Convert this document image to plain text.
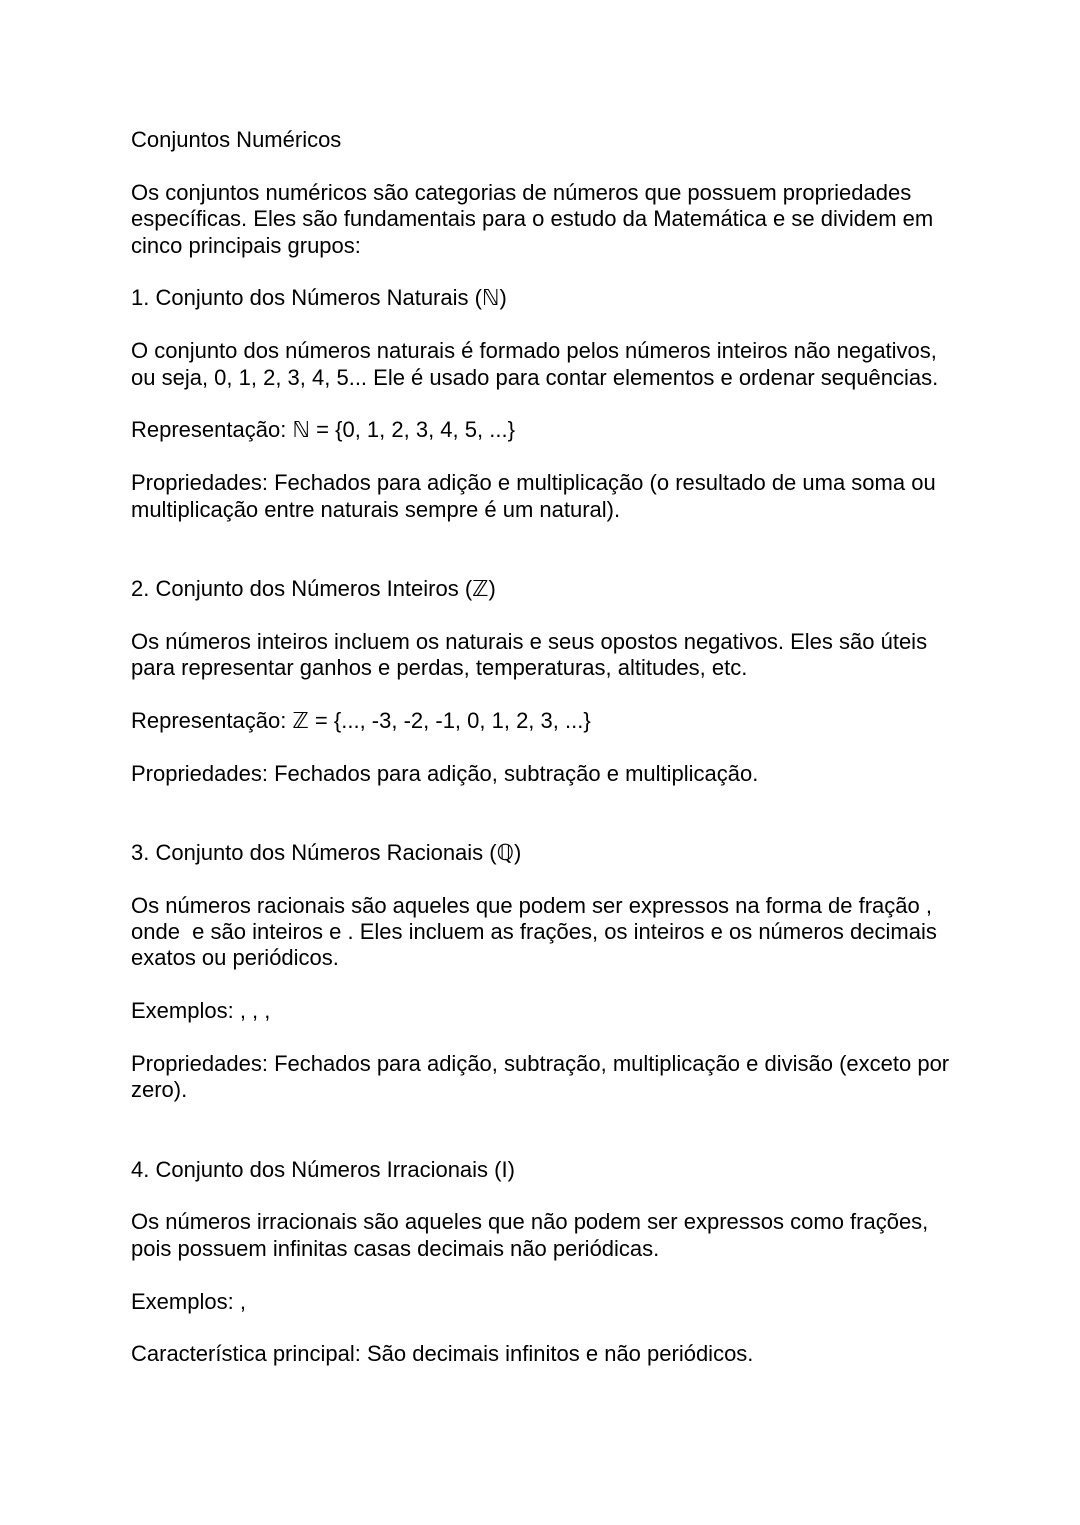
Conjuntos Numéricos

Os conjuntos numéricos são categorias de números que possuem propriedades específicas. Eles são fundamentais para o estudo da Matemática e se dividem em cinco principais grupos:

1. Conjunto dos Números Naturais (ℕ)

O conjunto dos números naturais é formado pelos números inteiros não negativos, ou seja, 0, 1, 2, 3, 4, 5... Ele é usado para contar elementos e ordenar sequências.

Representação: ℕ = {0, 1, 2, 3, 4, 5, ...}

Propriedades: Fechados para adição e multiplicação (o resultado de uma soma ou multiplicação entre naturais sempre é um natural).

2. Conjunto dos Números Inteiros (ℤ)

Os números inteiros incluem os naturais e seus opostos negativos. Eles são úteis para representar ganhos e perdas, temperaturas, altitudes, etc.

Representação: ℤ = {..., -3, -2, -1, 0, 1, 2, 3, ...}

Propriedades: Fechados para adição, subtração e multiplicação.

3. Conjunto dos Números Racionais (ℚ)

Os números racionais são aqueles que podem ser expressos na forma de fração , onde  e são inteiros e . Eles incluem as frações, os inteiros e os números decimais exatos ou periódicos.

Exemplos: , , ,

Propriedades: Fechados para adição, subtração, multiplicação e divisão (exceto por zero).

4. Conjunto dos Números Irracionais (I)

Os números irracionais são aqueles que não podem ser expressos como frações, pois possuem infinitas casas decimais não periódicas.

Exemplos: ,

Característica principal: São decimais infinitos e não periódicos.
